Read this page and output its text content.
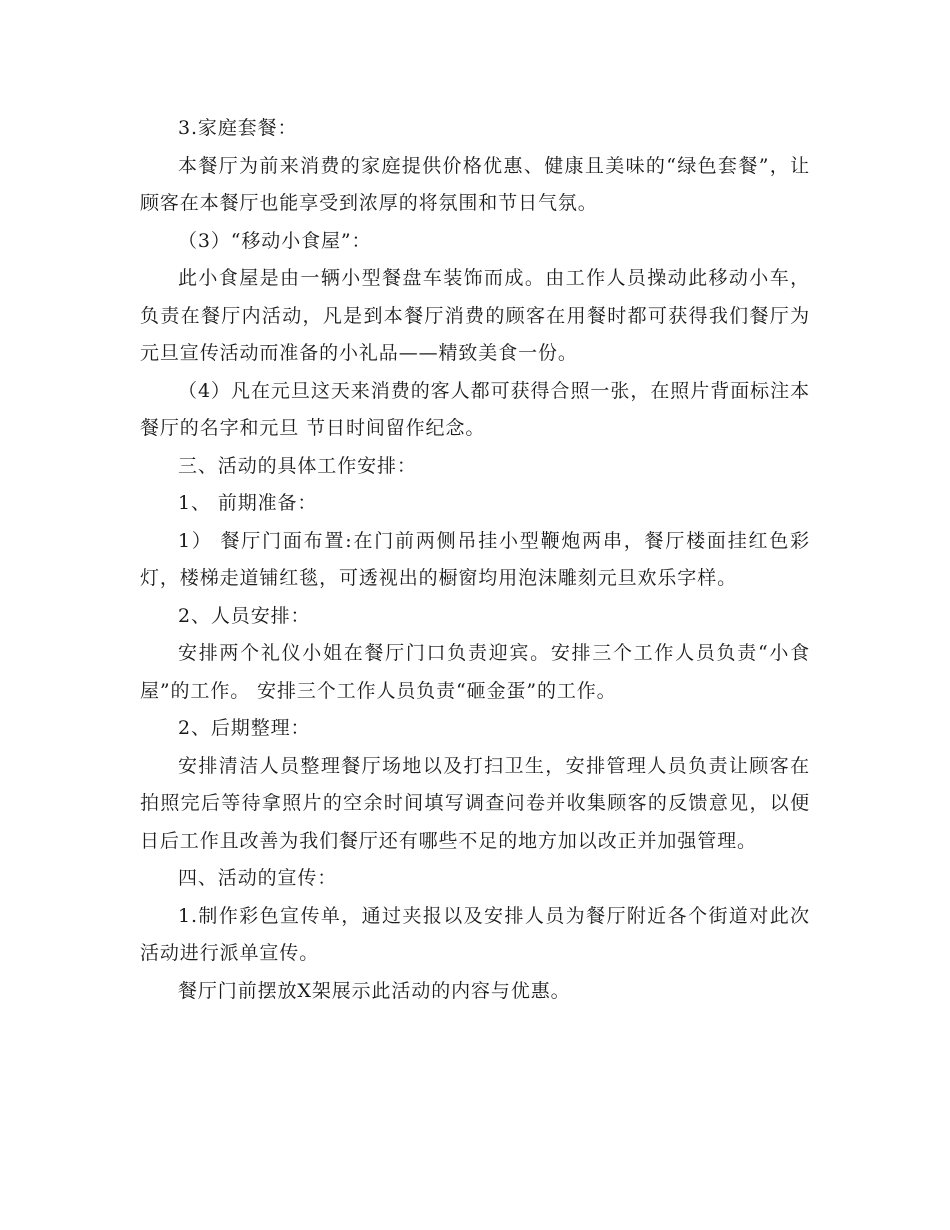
3.家庭套餐：

本餐厅为前来消费的家庭提供价格优惠、健康且美味的“绿色套餐”，让顾客在本餐厅也能享受到浓厚的将氛围和节日气氛。

（3）“移动小食屋”：

此小食屋是由一辆小型餐盘车装饰而成。由工作人员操动此移动小车， 负责在餐厅内活动，凡是到本餐厅消费的顾客在用餐时都可获得我们餐厅为元旦宣传活动而准备的小礼品——精致美食一份。

（4）凡在元旦这天来消费的客人都可获得合照一张，在照片背面标注本餐厅的名字和元旦 节日时间留作纪念。

三、活动的具体工作安排：

1、 前期准备：

1） 餐厅门面布置:在门前两侧吊挂小型鞭炮两串，餐厅楼面挂红色彩灯，楼梯走道铺红毯，可透视出的橱窗均用泡沫雕刻元旦欢乐字样。

2、人员安排：

安排两个礼仪小姐在餐厅门口负责迎宾。安排三个工作人员负责“小食屋”的工作。 安排三个工作人员负责“砸金蛋”的工作。

2、后期整理：

安排清洁人员整理餐厅场地以及打扫卫生，安排管理人员负责让顾客在拍照完后等待拿照片的空余时间填写调查问卷并收集顾客的反馈意见，以便日后工作且改善为我们餐厅还有哪些不足的地方加以改正并加强管理。

四、活动的宣传：

1.制作彩色宣传单，通过夹报以及安排人员为餐厅附近各个街道对此次活动进行派单宣传。

餐厅门前摆放X架展示此活动的内容与优惠。
